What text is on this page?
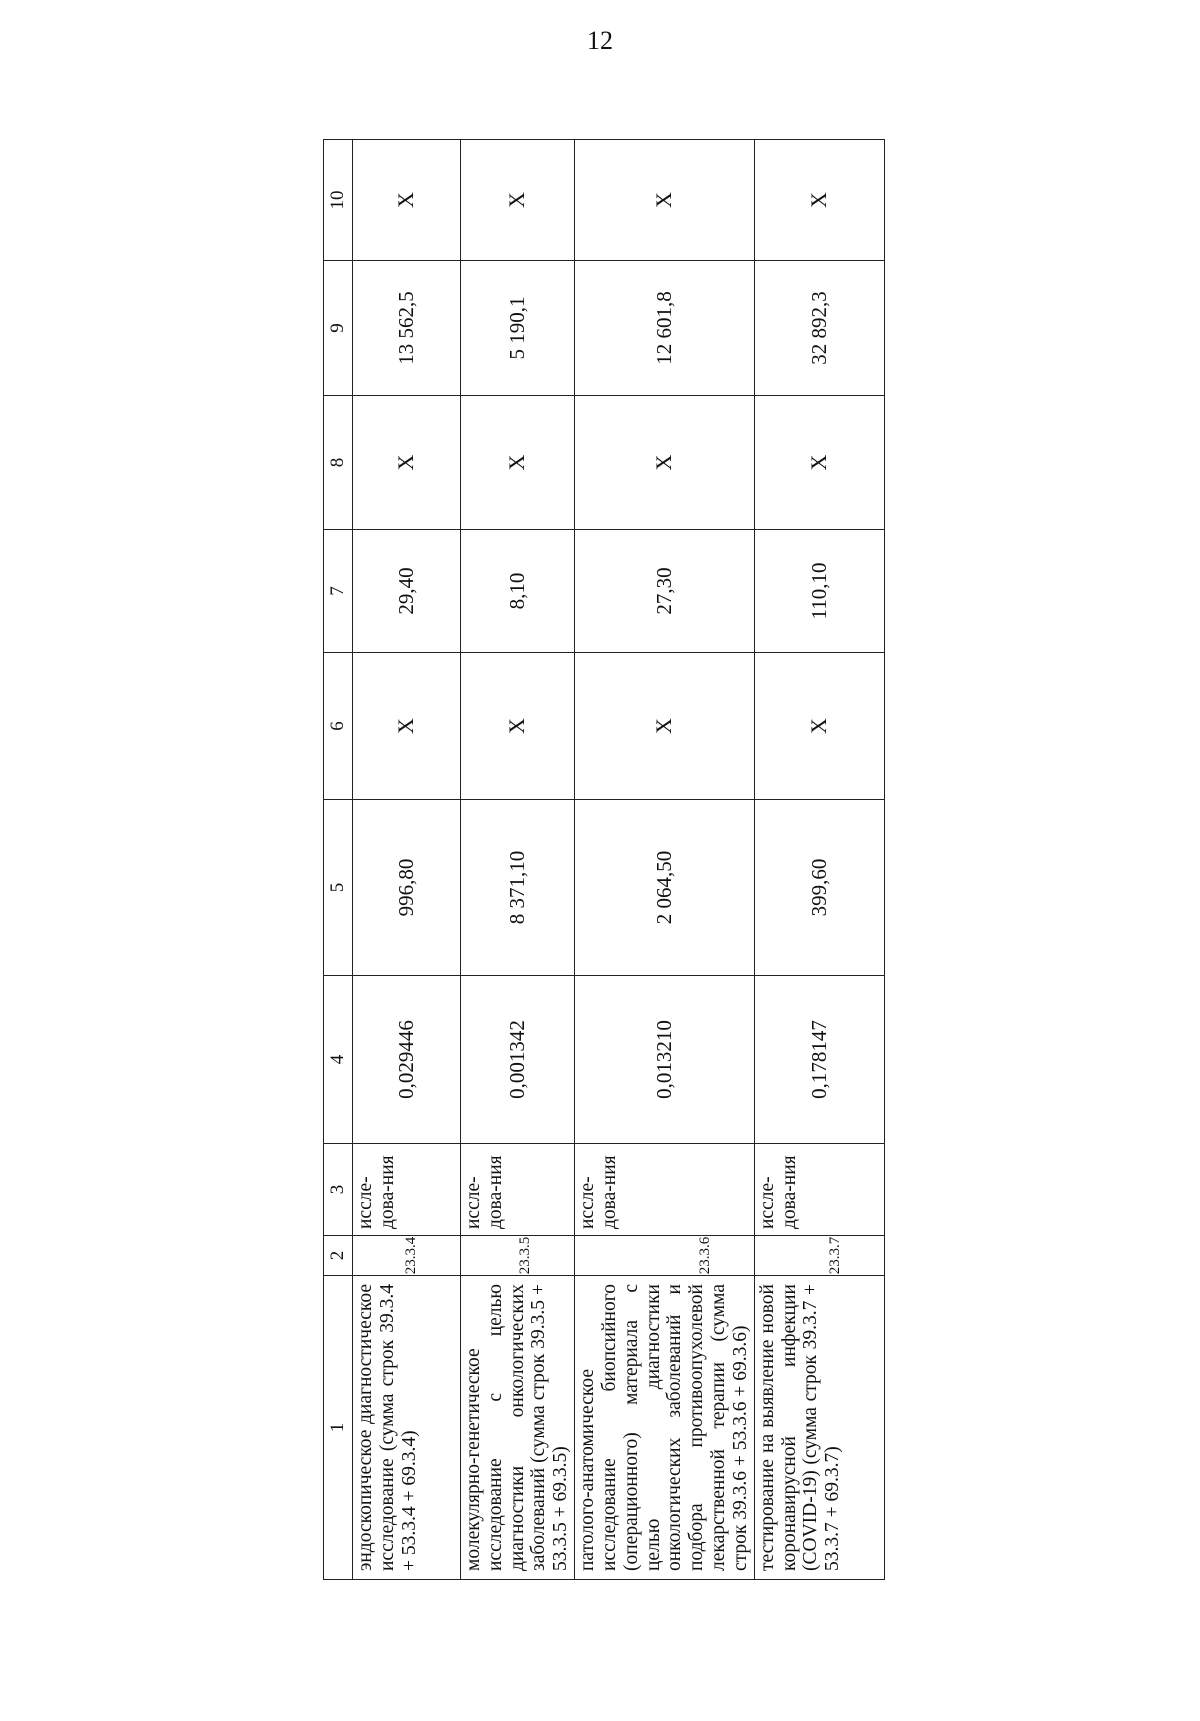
12
1	2	3	4	5	6	7	8	9	10
эндоскопическое диагностическое исследование (сумма строк 39.3.4 + 53.3.4 + 69.3.4)	23.3.4	иссле-дова-ния	0,029446	996,80	Х	29,40	Х	13 562,5	Х
молекулярно-генетическое исследование с целью диагностики онкологических заболеваний (сумма строк 39.3.5 + 53.3.5 + 69.3.5)	23.3.5	иссле-дова-ния	0,001342	8 371,10	Х	8,10	Х	5 190,1	Х
патолого-анатомическое исследование биопсийного (операционного) материала с целью диагностики онкологических заболеваний и подбора противоопухолевой лекарственной терапии (сумма строк 39.3.6 + 53.3.6 + 69.3.6)	23.3.6	иссле-дова-ния	0,013210	2 064,50	Х	27,30	Х	12 601,8	Х
тестирование на выявление новой коронавирусной инфекции (COVID-19) (сумма строк 39.3.7 + 53.3.7 + 69.3.7)	23.3.7	иссле-дова-ния	0,178147	399,60	Х	110,10	Х	32 892,3	Х
